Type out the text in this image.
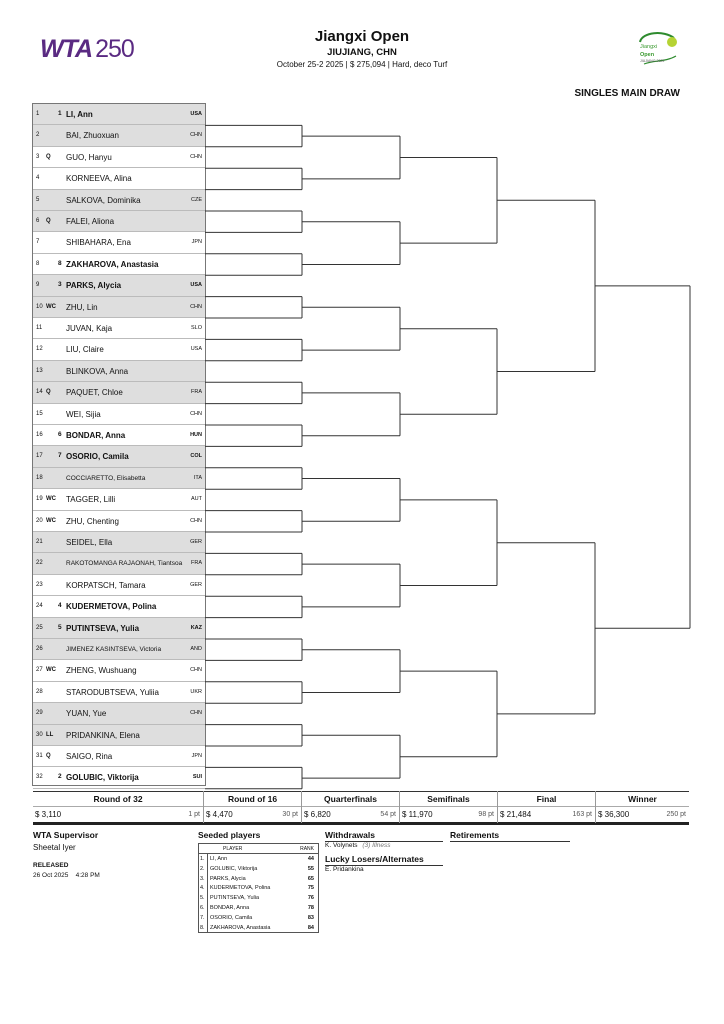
WTA 250	Jiangxi Open
JIUJIANG, CHN
October 25-2 2025 | $ 275,094 | Hard, deco Turf
Jiangxi
Open
JIUJIANG 2025
SINGLES MAIN DRAW
1	1 LI, Ann	USA
2	BAI, Zhuoxuan	CHN
3 Q GUO, Hanyu	CHN
4	KORNEEVA, Alina
5	SALKOVA, Dominika	CZE
6 Q FALEI, Aliona
7	SHIBAHARA, Ena	JPN
8	8 ZAKHAROVA, Anastasia
9	3 PARKS, Alycia	USA
10 WC ZHU, Lin	CHN
11	JUVAN, Kaja	SLO
12	LIU, Claire	USA
13	BLINKOVA, Anna
14 Q PAQUET, Chloe	FRA
15	WEI, Sijia	CHN
16 6 BONDAR, Anna	HUN
17 7 OSORIO, Camila	COL
18	COCCIARETTO, Elisabetta	ITA
19 WC TAGGER, Lilli	AUT
20 WC ZHU, Chenting	CHN
21	SEIDEL, Ella	GER
22	RAKOTOMANGA RAJAONAH, Tiantsoa FRA
23	KORPATSCH, Tamara	GER
24 4 KUDERMETOVA, Polina
25 5 PUTINTSEVA, Yulia	KAZ
26	JIMENEZ KASINTSEVA, Victoria	AND
27 WC ZHENG, Wushuang	CHN
28	STARODUBTSEVA, Yuliia	UKR
29	YUAN, Yue	CHN
30 LL PRIDANKINA, Elena
31 Q SAIGO, Rina	JPN
32 2 GOLUBIC, Viktorija	SUI
Round of 32
$ 3,110	1 pt
Round of 16
$ 4,470	30 pt
Quarterfinals
$ 6,820	54 pt
Semifinals
$ 11,970	98 pt
Final
$ 21,484	163 pt
Winner
$ 36,300	250 pt
WTA Supervisor
Sheetal Iyer
RELEASED
26 Oct 2025    4:28 PM
Seeded players
PLAYER	RANK
1. LI, Ann	44
2. GOLUBIC, Viktorija	55
3. PARKS, Alycia	65
4. KUDERMETOVA, Polina	75
5. PUTINTSEVA, Yulia	76
6. BONDAR, Anna	78
7. OSORIO, Camila	83
8. ZAKHAROVA, Anastasia	84
Withdrawals
K. Volynets (3) Illness
Lucky Losers/Alternates
E. Pridankina
Retirements
